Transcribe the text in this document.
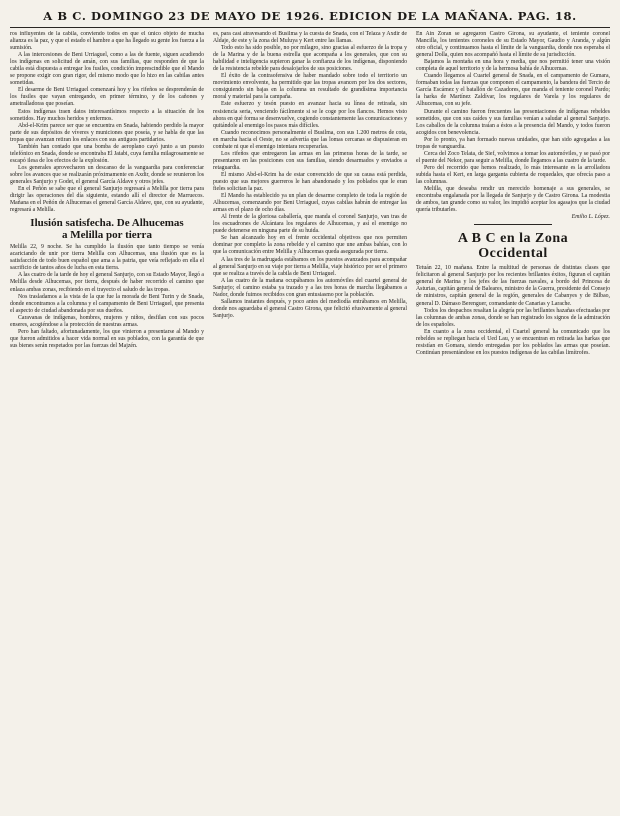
A B C. DOMINGO 23 DE MAYO DE 1926. EDICION DE LA MAÑANA. PAG. 18.

ros influyentes de la cabila, conviendo todos en que el único objeto de mucha alianza es la paz, y que el estado el hambre a que ha llegado su gente los fuerza a la sumisión.

A las intercesiones de Beni Urriaguel, como a las de fuente, siguen acudiendo los indígenas en solicitud de amán, con sus familias, que responden de que la cabila está dispuesta a entregar los fusiles, condición imprescindible que el Mando se propone exigir con gran rigor, del mismo modo que lo hizo en las cabilas antes sometidas.

El desarme de Beni Urriaguel comenzará hoy y los rifeños se desprenderán de los fusiles que vayan entregando, en primer término, y de los cañones y ametralladoras que poseían.

Estos indígenas traen datos interesantísimos respecto a la situación de los sometidos. Hay muchos heridos y enfermos.

Abd-el-Krim parece ser que se encuentra en Snada, habiendo perdido la mayor parte de sus depósitos de víveres y municiones que poseía, y se habla de que las tropas que avanzan retiran los enlaces con sus antiguos partidarios.

También han contado que una bomba de aeroplano cayó junto a un puesto telefónico en Snada, donde se encontraba El Jatabi, cuya familia milagrosamente se escapó ilesa de los efectos de la explosión.

Los generales aprovecharon un descanso de la vanguardia para conferenciar sobre los avances que se realizarán próximamente en Axdir, donde se reunieron los generales Sanjurjo y Godet, el general García Aldave y otros jefes.

En el Peñón se sabe que el general Sanjurjo regresará a Melilla por tierra para dirigir las operaciones del día siguiente, estando allí el director de Marruecos. Mañana en el Peñón de Alhucemas el general García Aldave, que, con su ayudante, regresará a Melilla.

Ilusión satisfecha. De Alhucemas
a Melilla por tierra

Melilla 22, 9 noche. Se ha cumplido la ilusión que tanto tiempo se venía acariciando de unir por tierra Melilla con Alhucemas, una ilusión que es la satisfacción de todo buen español que ama a la patria, que veía reflejado en ella el sacrificio de tantos años de lucha en esta tierra.

A las cuatro de la tarde de hoy el general Sanjurjo, con su Estado Mayor, llegó a Melilla desde Alhucemas, por tierra, después de haber recorrido el camino que enlaza ambas zonas, recibiendo en el trayecto el saludo de las tropas.

Nos trasladamos a la vista de la que fue la morada de Beni Turin y de Snada, donde encontramos a la columna y el campamento de Beni Urriaguel, que presenta el aspecto de ciudad abandonada por sus dueños.

Caravanas de indígenas, hombres, mujeres y niños, desfilan con sus pocos enseres, acogiéndose a la protección de nuestras armas.

Pero han faltado, afortunadamente, los que vinieron a presentarse al Mando y que fueron admitidos a hacer vida normal en sus poblados, con la garantía de que sus bienes serán respetados por las fuerzas del Majzén.

es, para casi atravesando el Busilma y la cuesta de Snada, con el Telaza y Axdir de Aldaje, de este y la zona del Muluya y Kert entre las llamas.

Todo esto ha sido posible, no por milagro, sino gracias al esfuerzo de la tropa y de la Marina y de la buena estrella que acompaña a los generales, que con su habilidad e inteligencia supieron ganar la confianza de los indígenas, disponiendo de la resistencia rebelde para desalojarlos de sus posiciones.

El éxito de la contraofensiva de haber mandado sobre todo el territorio un movimiento envolvente, ha permitido que las tropas avancen por los dos sectores, consiguiendo sin bajas en la columna un resultado de grandísima importancia moral y material para la campaña.

Este esfuerzo y tesón puesto en avanzar hacia su línea de retirada, sin resistencia seria, venciendo fácilmente si se le coge por los flancos. Hemos visto ahora en qué forma se desenvuelve, cogiendo constantemente las comunicaciones y quitándole al enemigo los pasos más difíciles.

Cuando reconocimos personalmente el Busilma, con sus 1.200 metros de cota, en marcha hacia el Oeste, no se advertía que las lomas cercanas se dispusieran en combate ni que el enemigo intentara recuperarlas.

Los rifeños que entregaron las armas en las primeras horas de la tarde, se presentaron en las posiciones con sus familias, siendo desarmados y enviados a retaguardia.

El mismo Abd-el-Krim ha de estar convencido de que su causa está perdida, puesto que sus mejores guerreros le han abandonado y los poblados que le eran fieles solicitan la paz.

El Mando ha establecido ya un plan de desarme completo de toda la región de Alhucemas, comenzando por Beni Urriaguel, cuyas cabilas habrán de entregar las armas en el plazo de ocho días.

Al frente de la gloriosa caballería, que manda el coronel Sanjurjo, van tras de los escuadrones de Alcántara los regulares de Alhucemas, y así el enemigo no puede detenerse en ninguna parte de su huida.

Se han alcanzado hoy en el frente occidental objetivos que nos permiten dominar por completo la zona rebelde y el camino que une ambas bahías, con lo que la comunicación entre Melilla y Alhucemas queda asegurada por tierra.

A las tres de la madrugada estábamos en los puestos avanzados para acompañar al general Sanjurjo en su viaje por tierra a Melilla, viaje histórico por ser el primero que se realiza a través de la cabila de Beni Urriaguel.

A las cuatro de la mañana ocupábamos los automóviles del cuartel general de Sanjurjo; el camino estaba ya trazado y a las tres horas de marcha llegábamos a Nador, donde fuimos recibidos con gran entusiasmo por la población.

Sallamos instantes después, y poco antes del mediodía entrábamos en Melilla, donde nos aguardaba el general Castro Girona, que felicitó efusivamente al general Sanjurjo.

En Ain Zoran se agregaron Castro Girona, su ayudante, el teniente coronel Mancilla, los tenientes coroneles de su Estado Mayor, Gaudio y Aranda, y algún otro oficial, y continuamos hasta el límite de la vanguardia, donde nos esperaba el general Dolla, quien nos acompañó hasta el límite de su jurisdicción.

Bajamos la montaña en una hora y media, que nos permitió tener una visión completa de aquel territorio y de la hermosa bahía de Alhucemas.

Cuando llegamos al Cuartel general de Snada, en el campamento de Gumara, formaban todas las fuerzas que componen el campamento, la bandera del Tercio de García Escámez y el batallón de Cazadores, que manda el teniente coronel Pardo; la harka de Martínez Zaldívar, los regulares de Varela y los regulares de Alhucemas, con su jefe.

Durante el camino fueron frecuentes las presentaciones de indígenas rebeldes sometidos, que con sus caídes y sus familias venían a saludar al general Sanjurjo. Los caballos de la columna traían a éstos a la presencia del Mando, y todos fueron acogidos con benevolencia.

Por lo pronto, ya han formado nuevas unidades, que han sido agregadas a las tropas de vanguardia.

Cerca del Zoco Telata, de Sief, volvimos a tomar los automóviles, y se pasó por el puente del Nekor, para seguir a Melilla, donde llegamos a las cuatro de la tarde.

Pero del recorrido que hemos realizado, lo más interesante es la arrolladora subida hasta el Kert, en larga garganta cubierta de roquedales, que ofrecía paso a las columnas.

Melilla, que deseaba rendir un merecido homenaje a sus generales, se encontraba engalanada por la llegada de Sanjurjo y de Castro Girona. La modestia de ambos, tan grande como su valor, les impidió aceptar los agasajos que la ciudad quería tributarles.

Emilio L. López.

A B C en la Zona
Occidental

Tetuán 22, 10 mañana. Entre la multitud de personas de distintas clases que felicitaron al general Sanjurjo por los recientes brillantes éxitos, figuran el capitán general de Marina y los jefes de las fuerzas navales, a bordo del Princesa de Asturias, capitán general de Baleares, ministro de la Guerra, presidente del Consejo de ministros, capitán general de la región, generales de Cabanyes y de Bilbao, general D. Dámaso Berenguer, comandante de Canarias y Larache.

Todos los despachos resaltan la alegría por las brillantes hazañas efectuadas por las columnas de ambas zonas, donde se han registrado los signos de la admiración de los españoles.

En cuanto a la zona occidental, el Cuartel general ha comunicado que los rebeldes se repliegan hacia el Ued Lau, y se encuentran en retirada las harkas que resistían en Gomara, siendo entregadas por los poblados las armas que poseían. Continúan presentándose en los puestos indígenas de las cabilas limítrofes.
